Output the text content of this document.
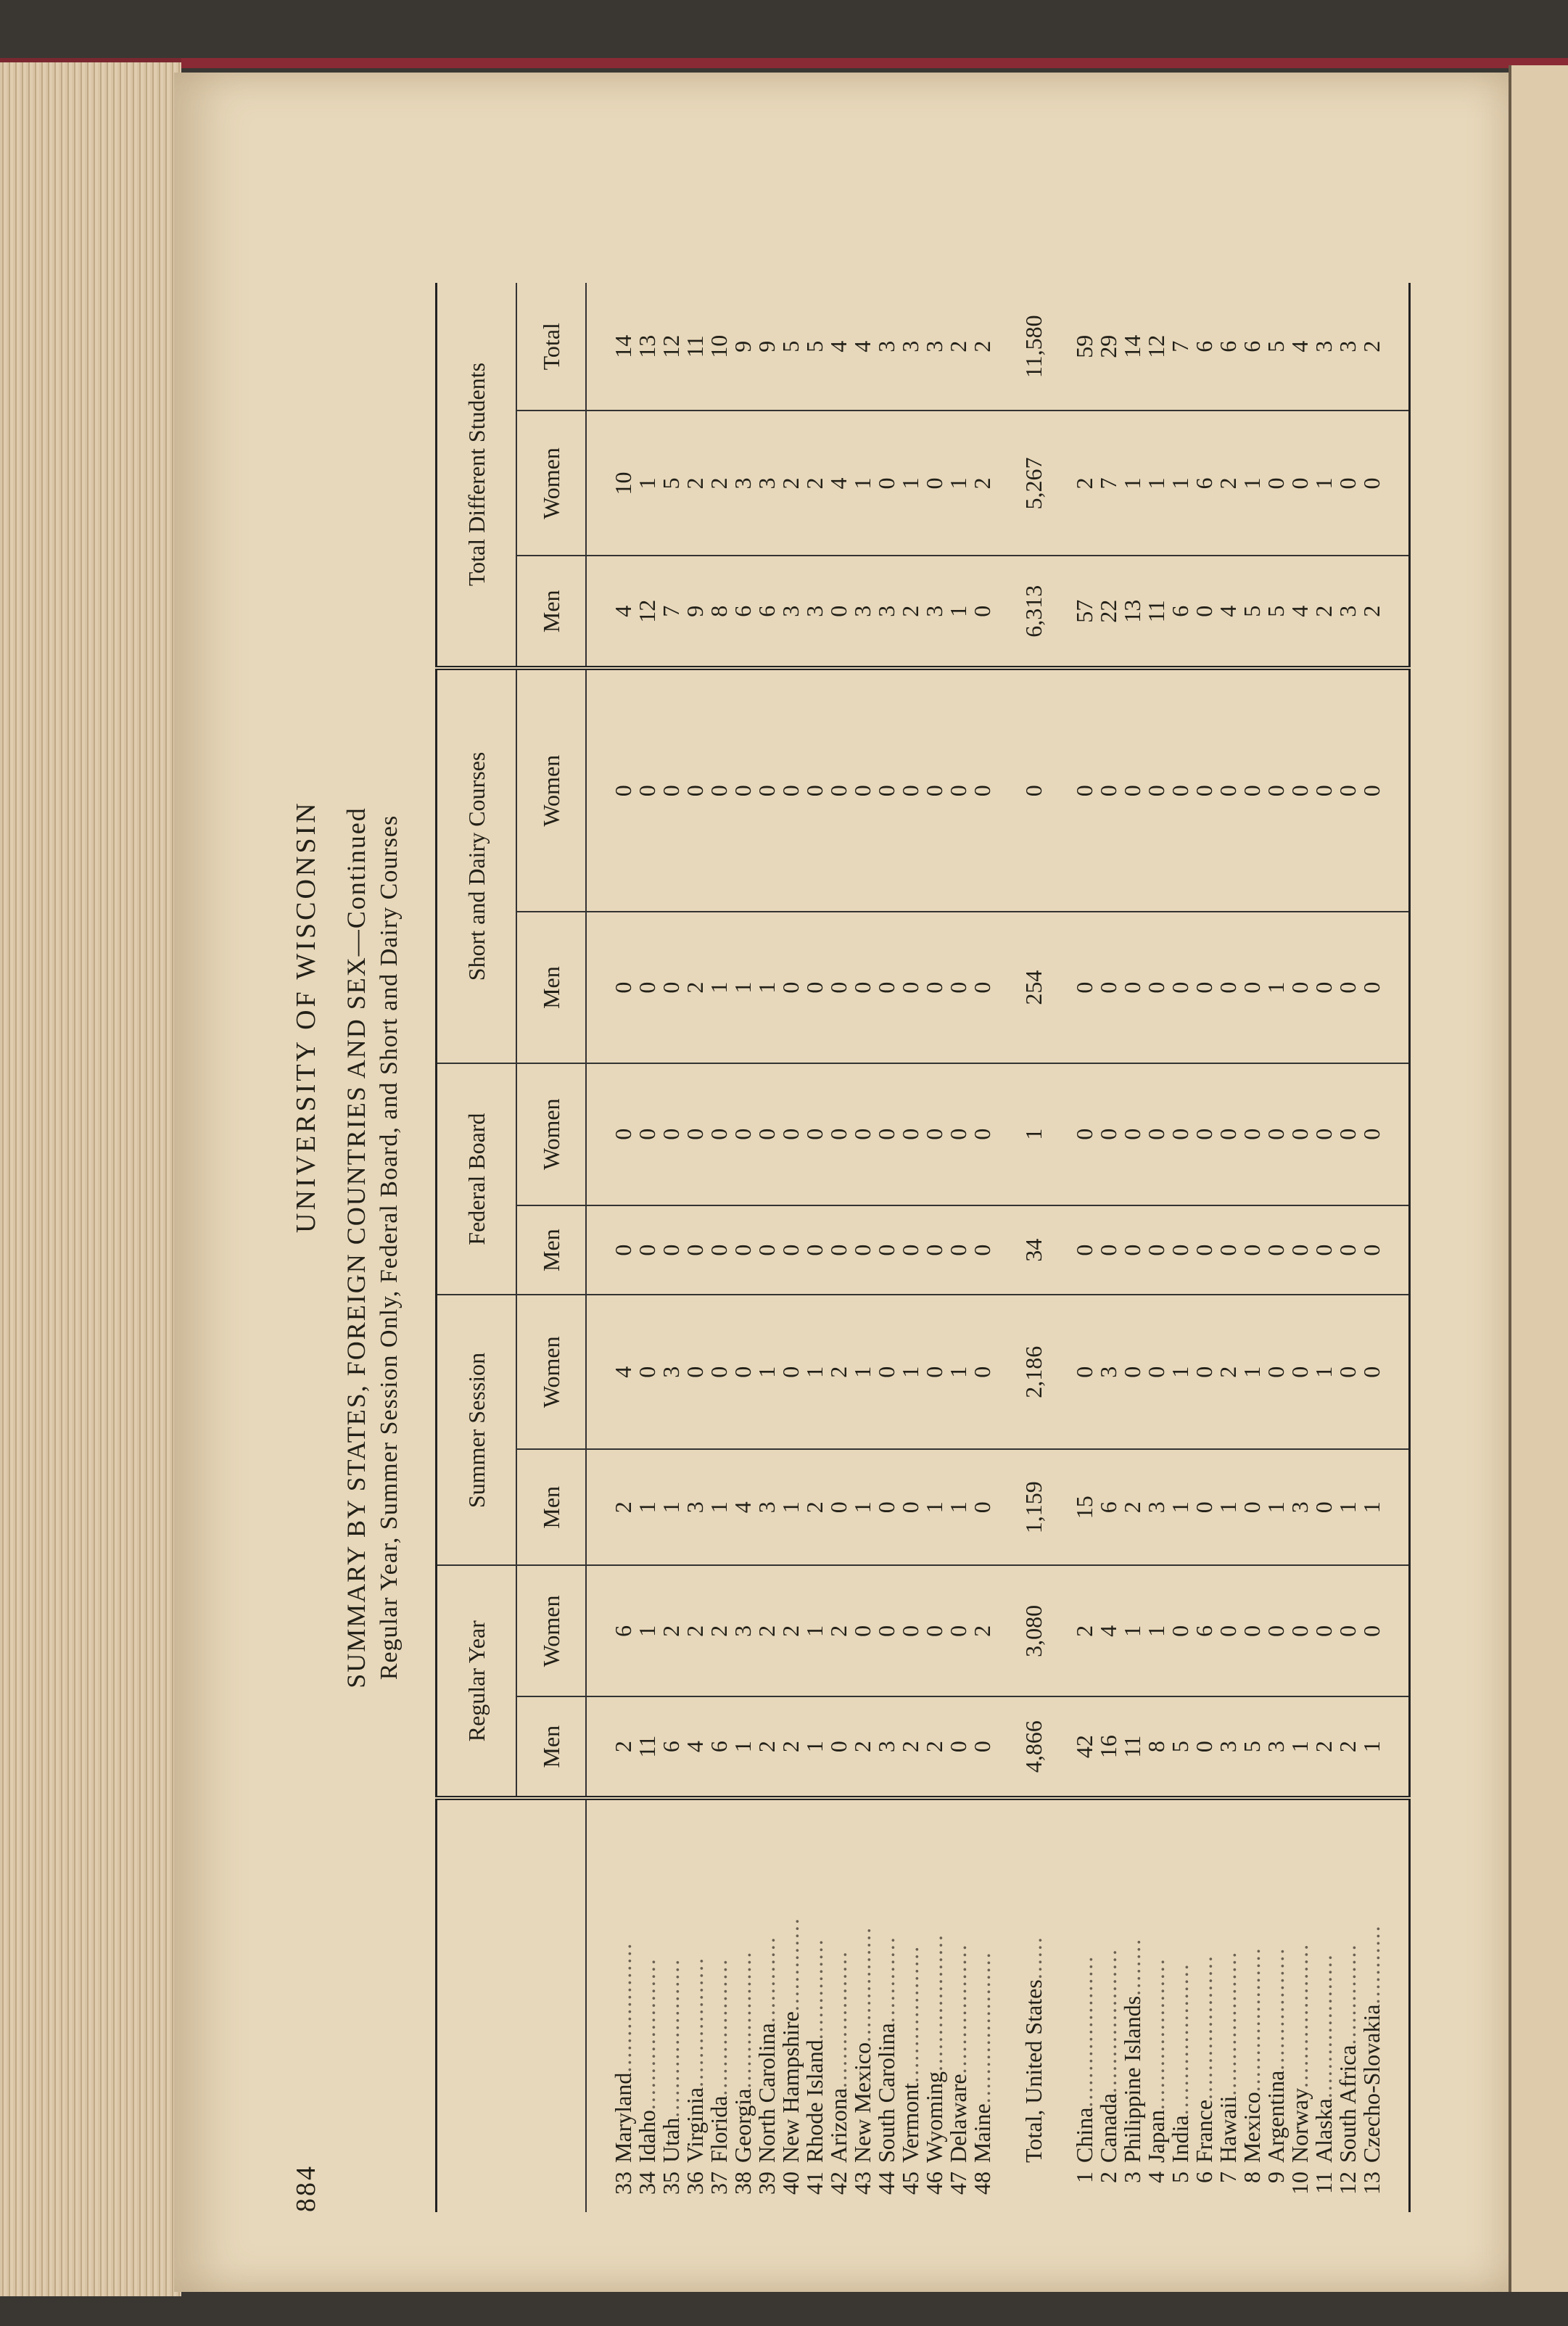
UNIVERSITY OF WISCONSIN
884
SUMMARY BY STATES, FOREIGN COUNTRIES AND SEX—Continued Regular Year, Summer Session Only, Federal Board, and Short and Dairy Courses
	Regular Year		Summer Session		Federal Board		Short and Dairy Courses		Total Different Students		
	Men	Women	Men	Women	Men	Women	Men	Women	Men	Women	Total

33Maryland..................	2	6	2	4	0	0	0	0	4	10	14
34Idaho.....................	11	1	1	0	0	0	0	0	12	1	13
35Utah......................	6	2	1	3	0	0	0	0	7	5	12
36Virginia..................	4	2	3	0	0	0	2	0	9	2	11
37Florida...................	6	2	1	0	0	0	1	0	8	2	10
38Georgia...................	1	3	4	0	0	0	1	0	6	3	9
39North Carolina............	2	2	3	1	0	0	1	0	6	3	9
40New Hampshire.............	2	2	1	0	0	0	0	0	3	2	5
41Rhode Island..............	1	1	2	1	0	0	0	0	3	2	5
42Arizona...................	0	2	0	2	0	0	0	0	0	4	4
43New Mexico................	2	0	1	1	0	0	0	0	3	1	4
44South Carolina............	3	0	0	0	0	0	0	0	3	0	3
45Vermont...................	2	0	0	1	0	0	0	0	2	1	3
46Wyoming...................	2	0	1	0	0	0	0	0	3	0	3
47Delaware..................	0	0	1	1	0	0	0	0	1	1	2
48Maine.....................	0	2	0	0	0	0	0	0	0	2	2

Total, United States......	4,866	3,080	1,159	2,186	34	1	254	0	6,313	5,267	11,580

1China.....................	42	2	15	0	0	0	0	0	57	2	59
2Canada....................	16	4	6	3	0	0	0	0	22	7	29
3Philippine Islands........	11	1	2	0	0	0	0	0	13	1	14
4Japan.....................	8	1	3	0	0	0	0	0	11	1	12
5India.....................	5	0	1	1	0	0	0	0	6	1	7
6France....................	0	6	0	0	0	0	0	0	0	6	6
7Hawaii....................	3	0	1	2	0	0	0	0	4	2	6
8Mexico....................	5	0	0	1	0	0	0	0	5	1	6
9Argentina.................	3	0	1	0	0	0	1	0	5	0	5
10Norway....................	1	0	3	0	0	0	0	0	4	0	4
11Alaska....................	2	0	0	1	0	0	0	0	2	1	3
12South Africa..............	2	0	1	0	0	0	0	0	3	0	3
13Czecho-Slovakia...........	1	0	1	0	0	0	0	0	2	0	2
